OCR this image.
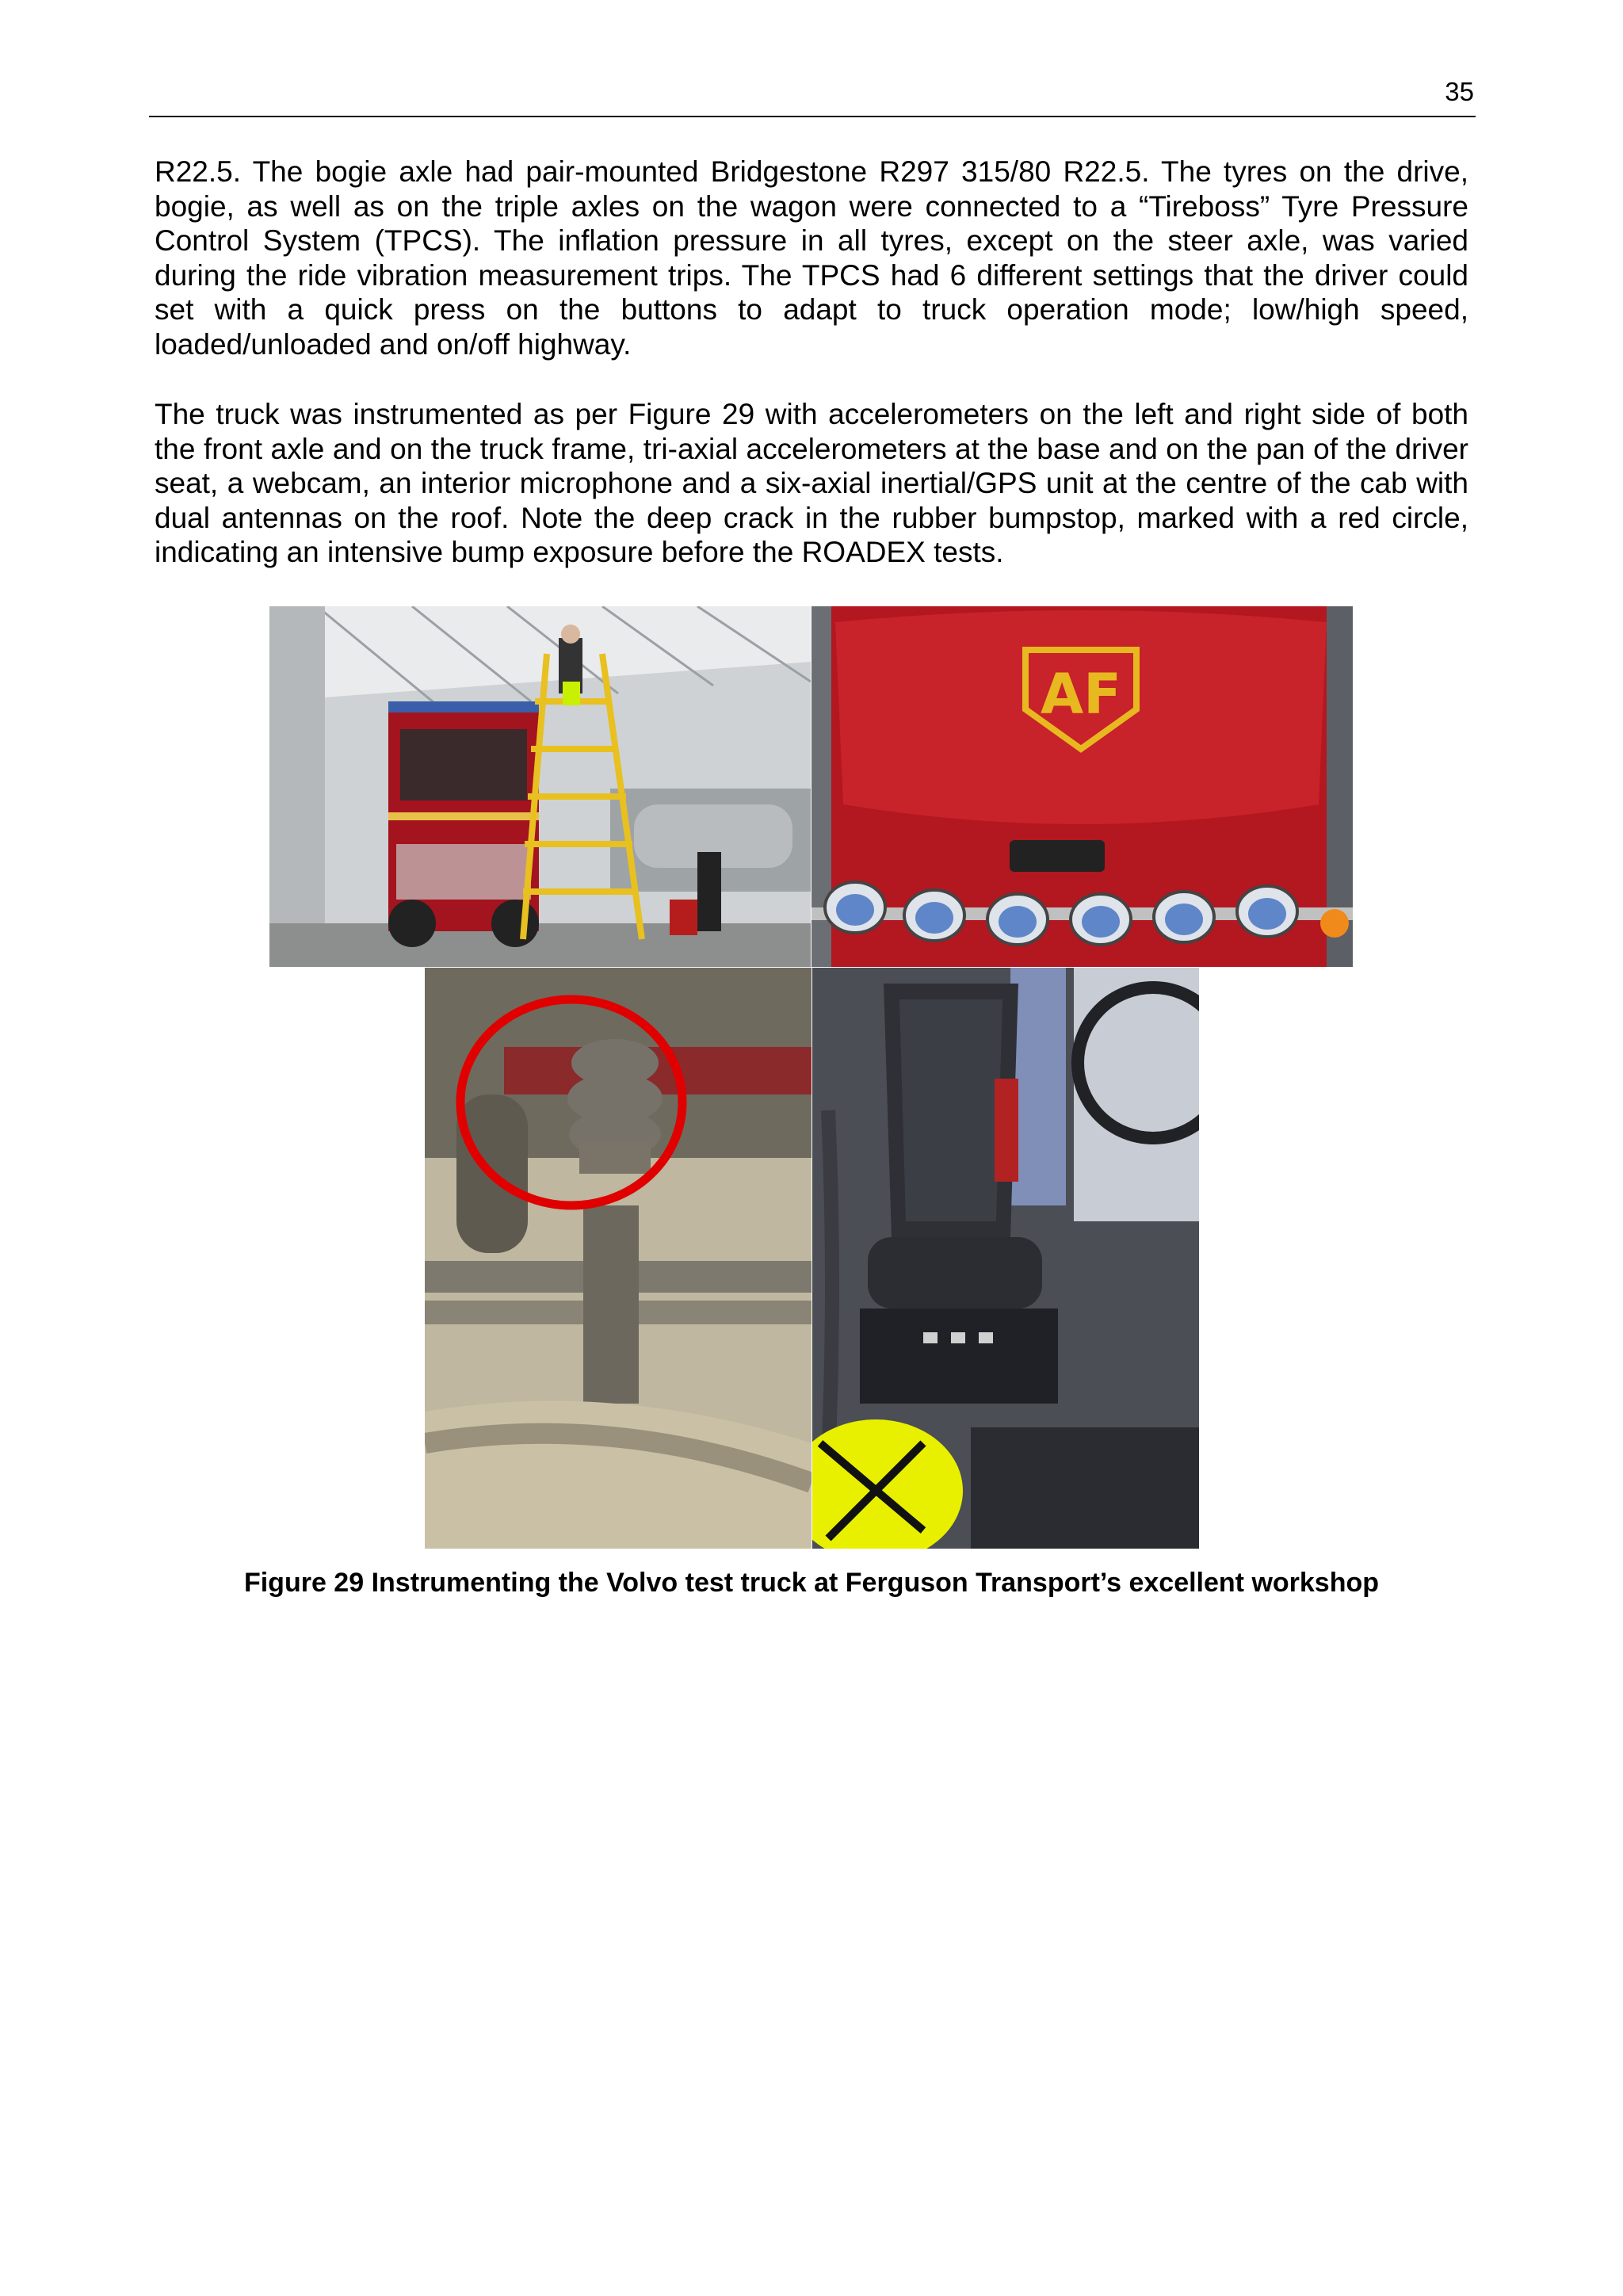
35

R22.5. The bogie axle had pair-mounted Bridgestone R297 315/80 R22.5. The tyres on the drive, bogie, as well as on the triple axles on the wagon were connected to a “Tireboss” Tyre Pressure Control System (TPCS). The inflation pressure in all tyres, except on the steer axle, was varied during the ride vibration measurement trips. The TPCS had 6 different settings that the driver could set with a quick press on the buttons to adapt to truck operation mode; low/high speed, loaded/unloaded and on/off highway.

The truck was instrumented as per Figure 29 with accelerometers on the left and right side of both the front axle and on the truck frame, tri-axial accelerometers at the base and on the pan of the driver seat, a webcam, an interior microphone and a six-axial inertial/GPS unit at the centre of the cab with dual antennas on the roof. Note the deep crack in the rubber bumpstop, marked with a red circle, indicating an intensive bump exposure before the ROADEX tests.

AF
Figure 29 Instrumenting the Volvo test truck at Ferguson Transport’s excellent workshop
